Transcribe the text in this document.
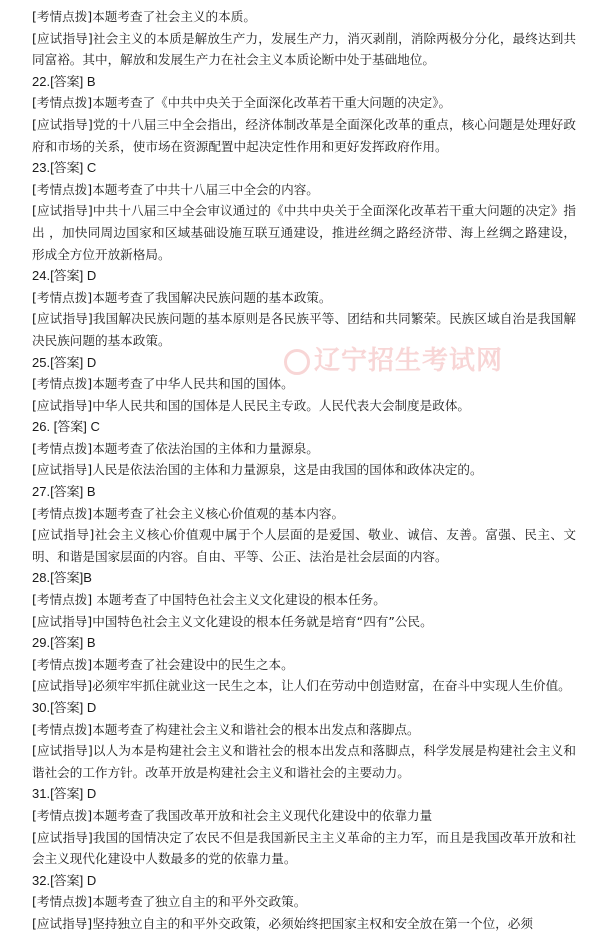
[考情点拨]本题考查了社会主义的本质。

[应试指导]社会主义的本质是解放生产力，发展生产力，消灭剥削，消除两极分分化，最终达到共同富裕。其中，解放和发展生产力在社会主义本质论断中处于基础地位。

22.[答案] B

[考情点拨]本题考查了《中共中央关于全面深化改革若干重大问题的决定》。

[应试指导]党的十八届三中全会指出，经济体制改革是全面深化改革的重点，核心问题是处理好政府和市场的关系，使市场在资源配置中起决定性作用和更好发挥政府作用。

23.[答案] C

[考情点拨]本题考查了中共十八届三中全会的内容。

[应试指导]中共十八届三中全会审议通过的《中共中央关于全面深化改革若干重大问题的决定》指出 ，加快同周边国家和区域基础设施互联互通建设，推进丝绸之路经济带、海上丝绸之路建设，形成全方位开放新格局。

24.[答案] D

[考情点拨]本题考查了我国解决民族问题的基本政策。

[应试指导]我国解决民族问题的基本原则是各民族平等、团结和共同繁荣。民族区域自治是我国解决民族问题的基本政策。

25.[答案] D

[考情点拨]本题考查了中华人民共和国的国体。

[应试指导]中华人民共和国的国体是人民民主专政。人民代表大会制度是政体。

26. [答案] C

[考情点拨]本题考查了依法治国的主体和力量源泉。

[应试指导]人民是依法治国的主体和力量源泉，这是由我国的国体和政体决定的。

27.[答案] B

[考情点拨]本题考查了社会主义核心价值观的基本内容。

[应试指导]社会主义核心价值观中属于个人层面的是爱国、敬业、诚信、友善。富强、民主、文明、和谐是国家层面的内容。自由、平等、公正、法治是社会层面的内容。

28.[答案]B

[考情点拨] 本题考查了中国特色社会主义文化建设的根本任务。

[应试指导]中国特色社会主义文化建设的根本任务就是培育“四有”公民。

29.[答案] B

[考情点拨]本题考查了社会建设中的民生之本。

[应试指导]必须牢牢抓住就业这一民生之本，让人们在劳动中创造财富，在奋斗中实现人生价值。

30.[答案] D

[考情点拨]本题考查了构建社会主义和谐社会的根本出发点和落脚点。

[应试指导]以人为本是构建社会主义和谐社会的根本出发点和落脚点，科学发展是构建社会主义和谐社会的工作方针。改革开放是构建社会主义和谐社会的主要动力。

31.[答案] D

[考情点拨]本题考查了我国改革开放和社会主义现代化建设中的依靠力量

[应试指导]我国的国情决定了农民不但是我国新民主主义革命的主力军，而且是我国改革开放和社会主义现代化建设中人数最多的党的依靠力量。

32.[答案] D

[考情点拨]本题考查了独立自主的和平外交政策。

[应试指导]坚持独立自主的和平外交政策，必须始终把国家主权和安全放在第一个位，必须

辽宁招生考试网
